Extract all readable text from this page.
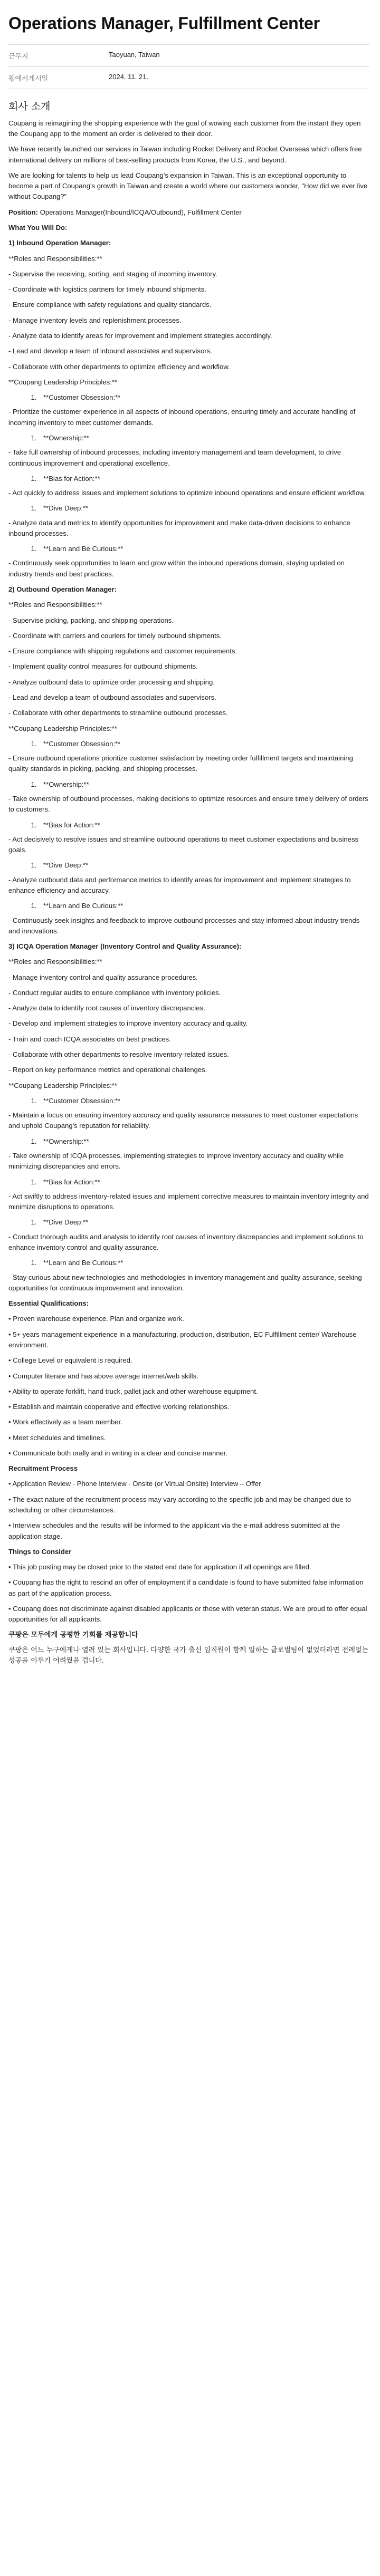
Operations Manager, Fulfillment Center
근무지	Taoyuan, Taiwan
웹에서게시일	2024. 11. 21.
회사 소개

Coupang is reimagining the shopping experience with the goal of wowing each customer from the instant they open the Coupang app to the moment an order is delivered to their door.

We have recently launched our services in Taiwan including Rocket Delivery and Rocket Overseas which offers free international delivery on millions of best-selling products from Korea, the U.S., and beyond.

We are looking for talents to help us lead Coupang's expansion in Taiwan. This is an exceptional opportunity to become a part of Coupang's growth in Taiwan and create a world where our customers wonder, "How did we ever live without Coupang?"

Position: Operations Manager(Inbound/ICQA/Outbound), Fulfillment Center

What You Will Do:

1) Inbound Operation Manager:

**Roles and Responsibilities:**

- Supervise the receiving, sorting, and staging of incoming inventory.

- Coordinate with logistics partners for timely inbound shipments.

- Ensure compliance with safety regulations and quality standards.

- Manage inventory levels and replenishment processes.

- Analyze data to identify areas for improvement and implement strategies accordingly.

- Lead and develop a team of inbound associates and supervisors.

- Collaborate with other departments to optimize efficiency and workflow.

**Coupang Leadership Principles:**

1. **Customer Obsession:**

- Prioritize the customer experience in all aspects of inbound operations, ensuring timely and accurate handling of incoming inventory to meet customer demands.

1. **Ownership:**

- Take full ownership of inbound processes, including inventory management and team development, to drive continuous improvement and operational excellence.

1. **Bias for Action:**

- Act quickly to address issues and implement solutions to optimize inbound operations and ensure efficient workflow.

1. **Dive Deep:**

- Analyze data and metrics to identify opportunities for improvement and make data-driven decisions to enhance inbound processes.

1. **Learn and Be Curious:**

- Continuously seek opportunities to learn and grow within the inbound operations domain, staying updated on industry trends and best practices.

2) Outbound Operation Manager:

**Roles and Responsibilities:**

- Supervise picking, packing, and shipping operations.

- Coordinate with carriers and couriers for timely outbound shipments.

- Ensure compliance with shipping regulations and customer requirements.

- Implement quality control measures for outbound shipments.

- Analyze outbound data to optimize order processing and shipping.

- Lead and develop a team of outbound associates and supervisors.

- Collaborate with other departments to streamline outbound processes.

**Coupang Leadership Principles:**

1. **Customer Obsession:**

- Ensure outbound operations prioritize customer satisfaction by meeting order fulfillment targets and maintaining quality standards in picking, packing, and shipping processes.

1. **Ownership:**

- Take ownership of outbound processes, making decisions to optimize resources and ensure timely delivery of orders to customers.

1. **Bias for Action:**

- Act decisively to resolve issues and streamline outbound operations to meet customer expectations and business goals.

1. **Dive Deep:**

- Analyze outbound data and performance metrics to identify areas for improvement and implement strategies to enhance efficiency and accuracy.

1. **Learn and Be Curious:**

- Continuously seek insights and feedback to improve outbound processes and stay informed about industry trends and innovations.

3) ICQA Operation Manager (Inventory Control and Quality Assurance):

**Roles and Responsibilities:**

- Manage inventory control and quality assurance procedures.

- Conduct regular audits to ensure compliance with inventory policies.

- Analyze data to identify root causes of inventory discrepancies.

- Develop and implement strategies to improve inventory accuracy and quality.

- Train and coach ICQA associates on best practices.

- Collaborate with other departments to resolve inventory-related issues.

- Report on key performance metrics and operational challenges.

**Coupang Leadership Principles:**

1. **Customer Obsession:**

- Maintain a focus on ensuring inventory accuracy and quality assurance measures to meet customer expectations and uphold Coupang's reputation for reliability.

1. **Ownership:**

- Take ownership of ICQA processes, implementing strategies to improve inventory accuracy and quality while minimizing discrepancies and errors.

1. **Bias for Action:**

- Act swiftly to address inventory-related issues and implement corrective measures to maintain inventory integrity and minimize disruptions to operations.

1. **Dive Deep:**

- Conduct thorough audits and analysis to identify root causes of inventory discrepancies and implement solutions to enhance inventory control and quality assurance.

1. **Learn and Be Curious:**

- Stay curious about new technologies and methodologies in inventory management and quality assurance, seeking opportunities for continuous improvement and innovation.

Essential Qualifications:

• Proven warehouse experience. Plan and organize work.

• 5+ years management experience in a manufacturing, production, distribution, EC Fulfillment center/ Warehouse environment.

• College Level or equivalent is required.

• Computer literate and has above average internet/web skills.

• Ability to operate forklift, hand truck, pallet jack and other warehouse equipment.

• Establish and maintain cooperative and effective working relationships.

• Work effectively as a team member.

• Meet schedules and timelines.

• Communicate both orally and in writing in a clear and concise manner.

Recruitment Process

• Application Review - Phone Interview - Onsite (or Virtual Onsite) Interview – Offer

• The exact nature of the recruitment process may vary according to the specific job and may be changed due to scheduling or other circumstances.

• Interview schedules and the results will be informed to the applicant via the e-mail address submitted at the application stage.

Things to Consider

• This job posting may be closed prior to the stated end date for application if all openings are filled.

• Coupang has the right to rescind an offer of employment if a candidate is found to have submitted false information as part of the application process.

• Coupang does not discriminate against disabled applicants or those with veteran status. We are proud to offer equal opportunities for all applicants.

쿠팡은 모두에게 공평한 기회를 제공합니다

쿠팡은 어느 누구에게나 열려 있는 회사입니다. 다양한 국가 출신 임직원이 함께 일하는 글로벌팀이 없었더라면 전례없는 성공을 이루기 어려웠을 겁니다.
